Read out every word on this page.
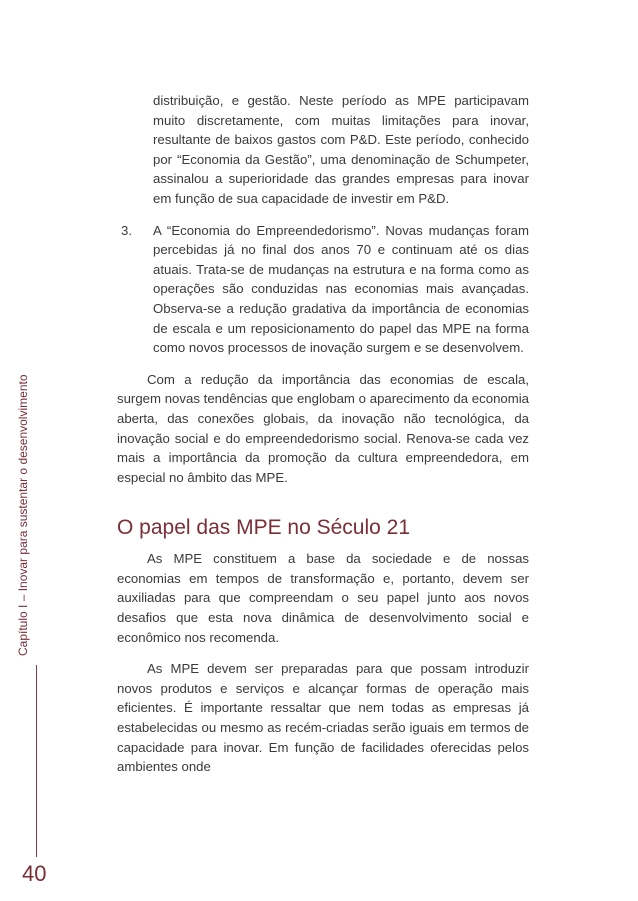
Capítulo I – Inovar para sustentar o desenvolvimento
40
distribuição, e gestão. Neste período as MPE participavam muito discretamente, com muitas limitações para inovar, resultante de baixos gastos com P&D. Este período, conhecido por “Economia da Gestão”, uma denominação de Schumpeter, assinalou a superioridade das grandes empresas para inovar em função de sua capacidade de investir em P&D.
3. A “Economia do Empreendedorismo”. Novas mudanças foram percebidas já no final dos anos 70 e continuam até os dias atuais. Trata-se de mudanças na estrutura e na forma como as operações são conduzidas nas economias mais avançadas. Observa-se a redução gradativa da importância de economias de escala e um reposicionamento do papel das MPE na forma como novos processos de inovação surgem e se desenvolvem.

Com a redução da importância das economias de escala, surgem novas tendências que englobam o aparecimento da economia aberta, das conexões globais, da inovação não tecnológica, da inovação social e do empreendedorismo social. Renova-se cada vez mais a importância da promoção da cultura empreendedora, em especial no âmbito das MPE.

O papel das MPE no Século 21

As MPE constituem a base da sociedade e de nossas economias em tempos de transformação e, portanto, devem ser auxiliadas para que compreendam o seu papel junto aos novos desafios que esta nova dinâmica de desenvolvimento social e econômico nos recomenda.

As MPE devem ser preparadas para que possam introduzir novos produtos e serviços e alcançar formas de operação mais eficientes. É importante ressaltar que nem todas as empresas já estabelecidas ou mesmo as recém-criadas serão iguais em termos de capacidade para inovar. Em função de facilidades oferecidas pelos ambientes onde
